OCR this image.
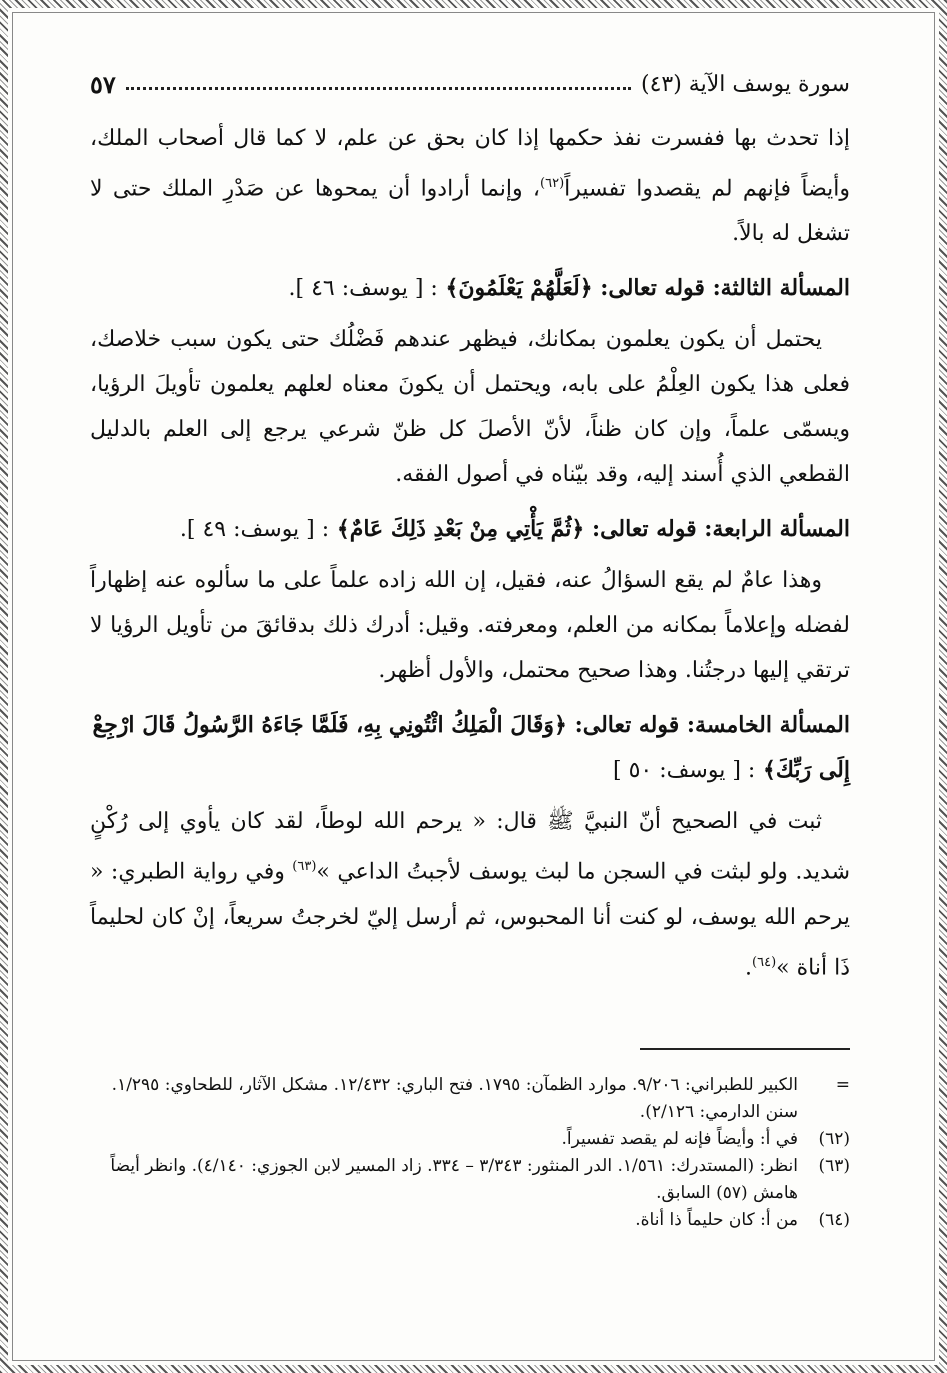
سورة يوسف الآية (٤٣)
٥٧

إذا تحدث بها ففسرت نفذ حكمها إذا كان بحق عن علم، لا كما قال أصحاب الملك، وأيضاً فإنهم لم يقصدوا تفسيراً$^{(٦٢)}$، وإنما أرادوا أن يمحوها عن صَدْرِ الملك حتى لا تشغل له بالاً.

المسألة الثالثة: قوله تعالى: ﴿لَعَلَّهُمْ يَعْلَمُونَ﴾ : [ يوسف: ٤٦ ].

يحتمل أن يكون يعلمون بمكانك، فيظهر عندهم فَضْلُك حتى يكون سبب خلاصك، فعلى هذا يكون العِلْمُ على بابه، ويحتمل أن يكونَ معناه لعلهم يعلمون تأويلَ الرؤيا، ويسمّى علماً، وإن كان ظناً، لأنّ الأصلَ كل ظنّ شرعي يرجع إلى العلم بالدليل القطعي الذي أُسند إليه، وقد بيّناه في أصول الفقه.

المسألة الرابعة: قوله تعالى: ﴿ثُمَّ يَأْتِي مِنْ بَعْدِ ذَلِكَ عَامٌ﴾ : [ يوسف: ٤٩ ].

وهذا عامٌ لم يقع السؤالُ عنه، فقيل، إن الله زاده علماً على ما سألوه عنه إظهاراً لفضله وإعلاماً بمكانه من العلم، ومعرفته. وقيل: أدرك ذلك بدقائقَ من تأويل الرؤيا لا ترتقي إليها درجتُنا. وهذا صحيح محتمل، والأول أظهر.

المسألة الخامسة: قوله تعالى: ﴿وَقَالَ الْمَلِكُ ائْتُونِي بِهِ، فَلَمَّا جَاءَهُ الرَّسُولُ قَالَ ارْجِعْ إِلَى رَبِّكَ﴾ : [ يوسف: ٥٠ ]

ثبت في الصحيح أنّ النبيَّ ﷺ قال: « يرحم الله لوطاً، لقد كان يأوي إلى رُكْنٍ شديد. ولو لبثت في السجن ما لبث يوسف لأجبتُ الداعي »$^{(٦٣)}$ وفي رواية الطبري: « يرحم الله يوسف، لو كنت أنا المحبوس، ثم أرسل إليّ لخرجتُ سريعاً، إنْ كان لحليماً ذَا أناة »$^{(٦٤)}$.

=
الكبير للطبراني: ٩/٢٠٦. موارد الظمآن: ١٧٩٥. فتح الباري: ١٢/٤٣٢. مشكل الآثار، للطحاوي: ١/٢٩٥. سنن الدارمي: ٢/١٢٦).
(٦٢)
في أ: وأيضاً فإنه لم يقصد تفسيراً.
(٦٣)
انظر: (المستدرك: ١/٥٦١. الدر المنثور: ٣/٣٤٣ – ٣٣٤. زاد المسير لابن الجوزي: ٤/١٤٠). وانظر أيضاً هامش (٥٧) السابق.
(٦٤)
من أ: كان حليماً ذا أناة.
